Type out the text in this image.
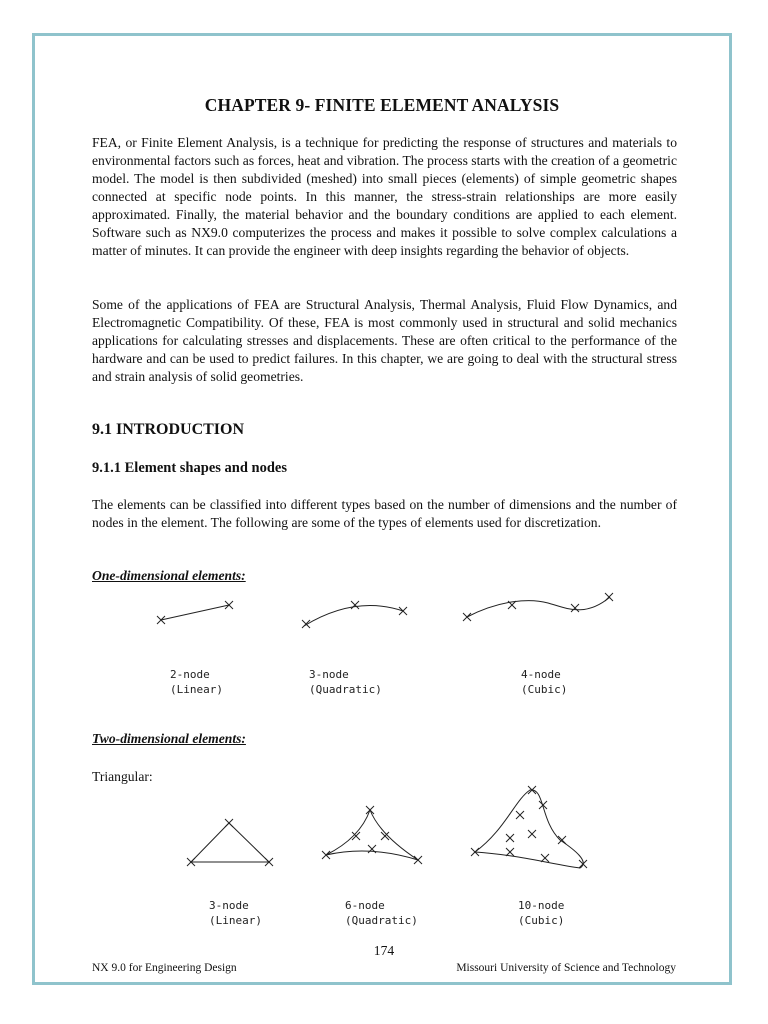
CHAPTER 9- FINITE ELEMENT ANALYSIS

FEA, or Finite Element Analysis, is a technique for predicting the response of structures and materials to environmental factors such as forces, heat and vibration. The process starts with the creation of a geometric model. The model is then subdivided (meshed) into small pieces (elements) of simple geometric shapes connected at specific node points. In this manner, the stress-strain relationships are more easily approximated. Finally, the material behavior and the boundary conditions are applied to each element. Software such as NX9.0 computerizes the process and makes it possible to solve complex calculations a matter of minutes. It can provide the engineer with deep insights regarding the behavior of objects.

Some of the applications of FEA are Structural Analysis, Thermal Analysis, Fluid Flow Dynamics, and Electromagnetic Compatibility. Of these, FEA is most commonly used in structural and solid mechanics applications for calculating stresses and displacements. These are often critical to the performance of the hardware and can be used to predict failures. In this chapter, we are going to deal with the structural stress and strain analysis of solid geometries.

9.1 INTRODUCTION
9.1.1 Element shapes and nodes

The elements can be classified into different types based on the number of dimensions and the number of nodes in the element. The following are some of the types of elements used for discretization.

One-dimensional elements:
2-node
(Linear)
3-node
(Quadratic)
4-node
(Cubic)
Two-dimensional elements:
Triangular:
3-node
(Linear)
6-node
(Quadratic)
10-node
(Cubic)
174
NX 9.0 for Engineering Design	Missouri University of Science and Technology
